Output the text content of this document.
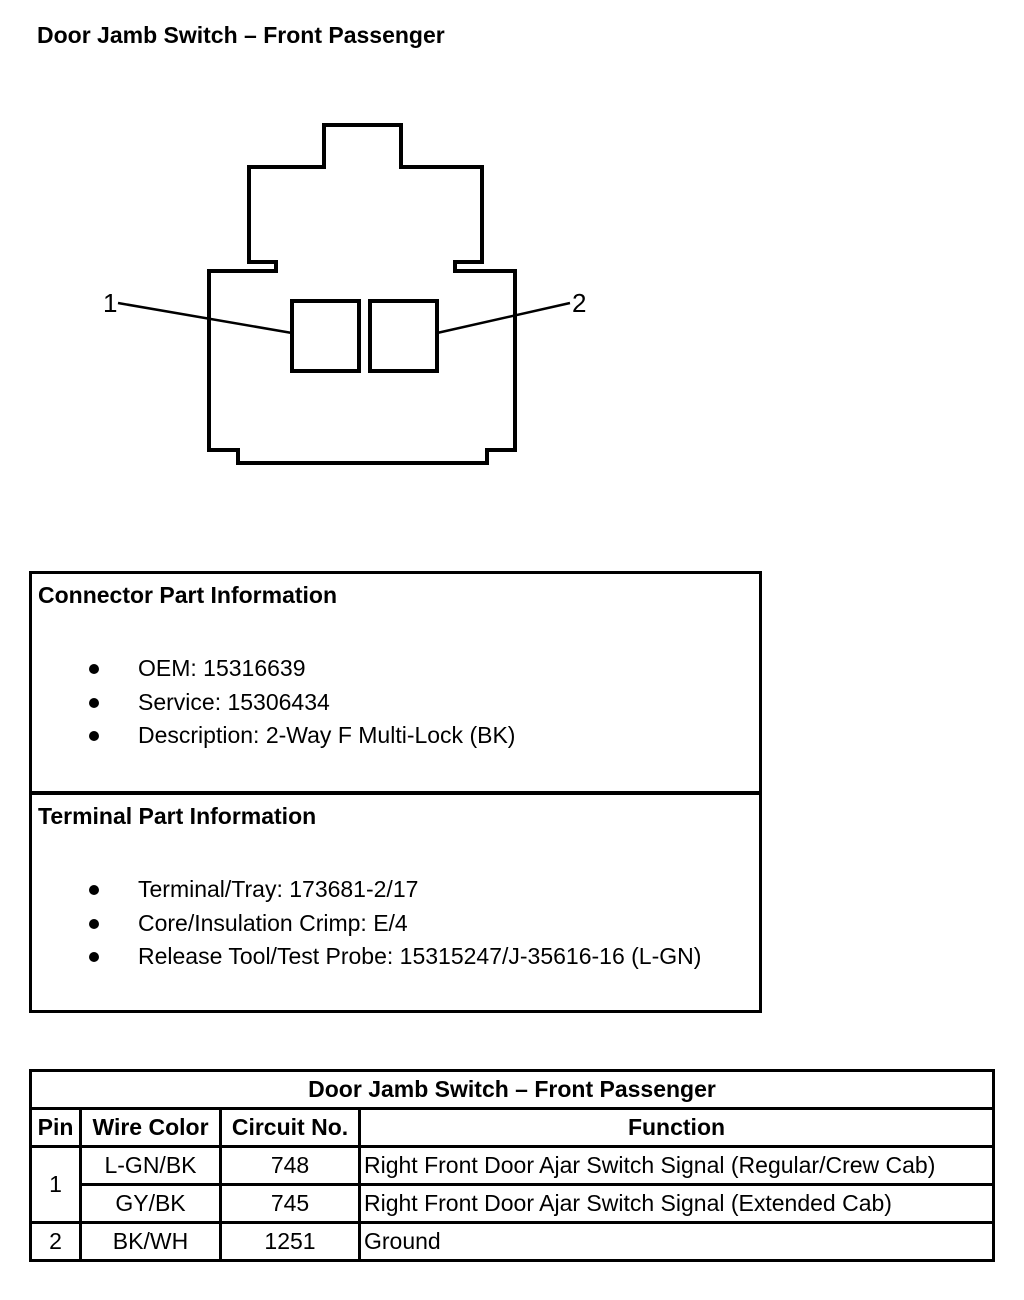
Door Jamb Switch – Front Passenger
1	2
Connector Part Information
OEM: 15316639
Service: 15306434
Description: 2-Way F Multi-Lock (BK)
Terminal Part Information
Terminal/Tray: 173681-2/17
Core/Insulation Crimp: E/4
Release Tool/Test Probe: 15315247/J-35616-16 (L-GN)
Door Jamb Switch – Front Passenger			
Pin	Wire Color	Circuit No.	Function
1	L-GN/BK	748	Right Front Door Ajar Switch Signal (Regular/Crew Cab)
	GY/BK	745	Right Front Door Ajar Switch Signal (Extended Cab)
2	BK/WH	1251	Ground
